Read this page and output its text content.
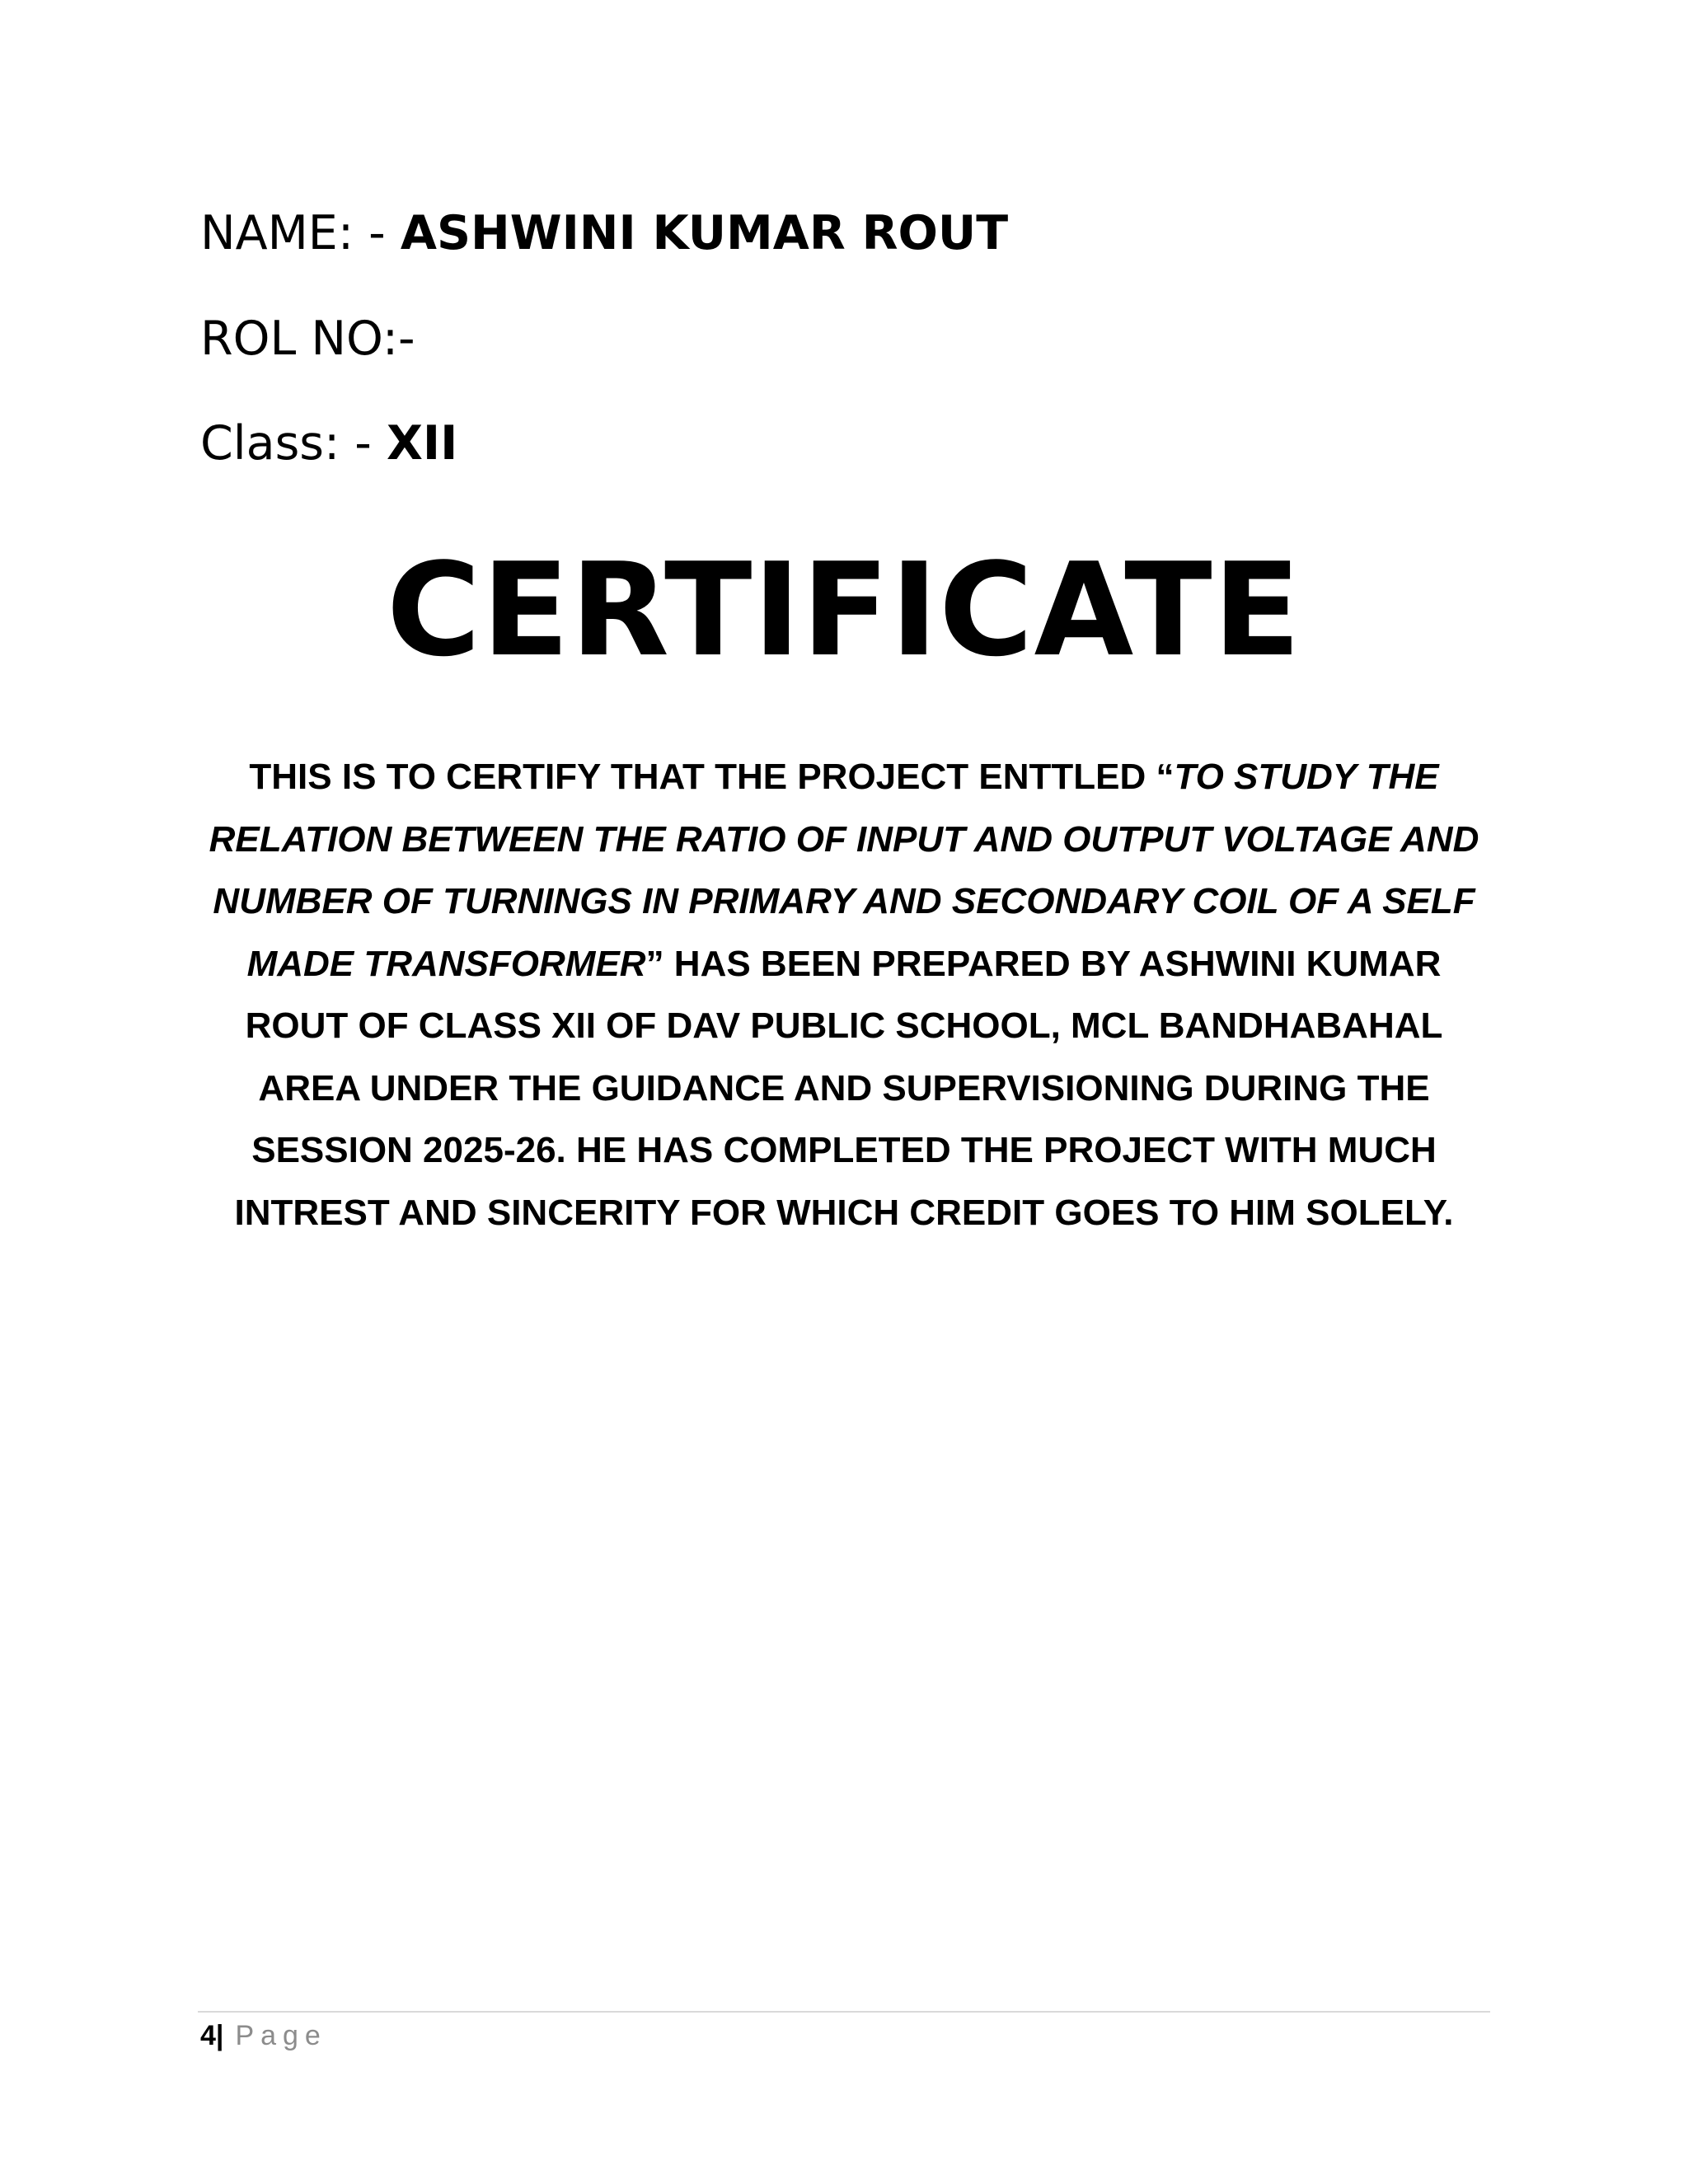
NAME: - ASHWINI KUMAR ROUT
ROL NO:-
Class: - XII
CERTIFICATE
THIS IS TO CERTIFY THAT THE PROJECT ENTTLED “TO STUDY THE RELATION BETWEEN THE RATIO OF INPUT AND OUTPUT VOLTAGE AND NUMBER OF TURNINGS IN PRIMARY AND SECONDARY COIL OF A SELF MADE TRANSFORMER” HAS BEEN PREPARED BY ASHWINI KUMAR ROUT OF CLASS XII OF DAV PUBLIC SCHOOL, MCL BANDHABAHAL AREA UNDER THE GUIDANCE AND SUPERVISIONING DURING THE SESSION 2025-26. HE HAS COMPLETED THE PROJECT WITH MUCH INTREST AND SINCERITY FOR WHICH CREDIT GOES TO HIM SOLELY.
4| Page
